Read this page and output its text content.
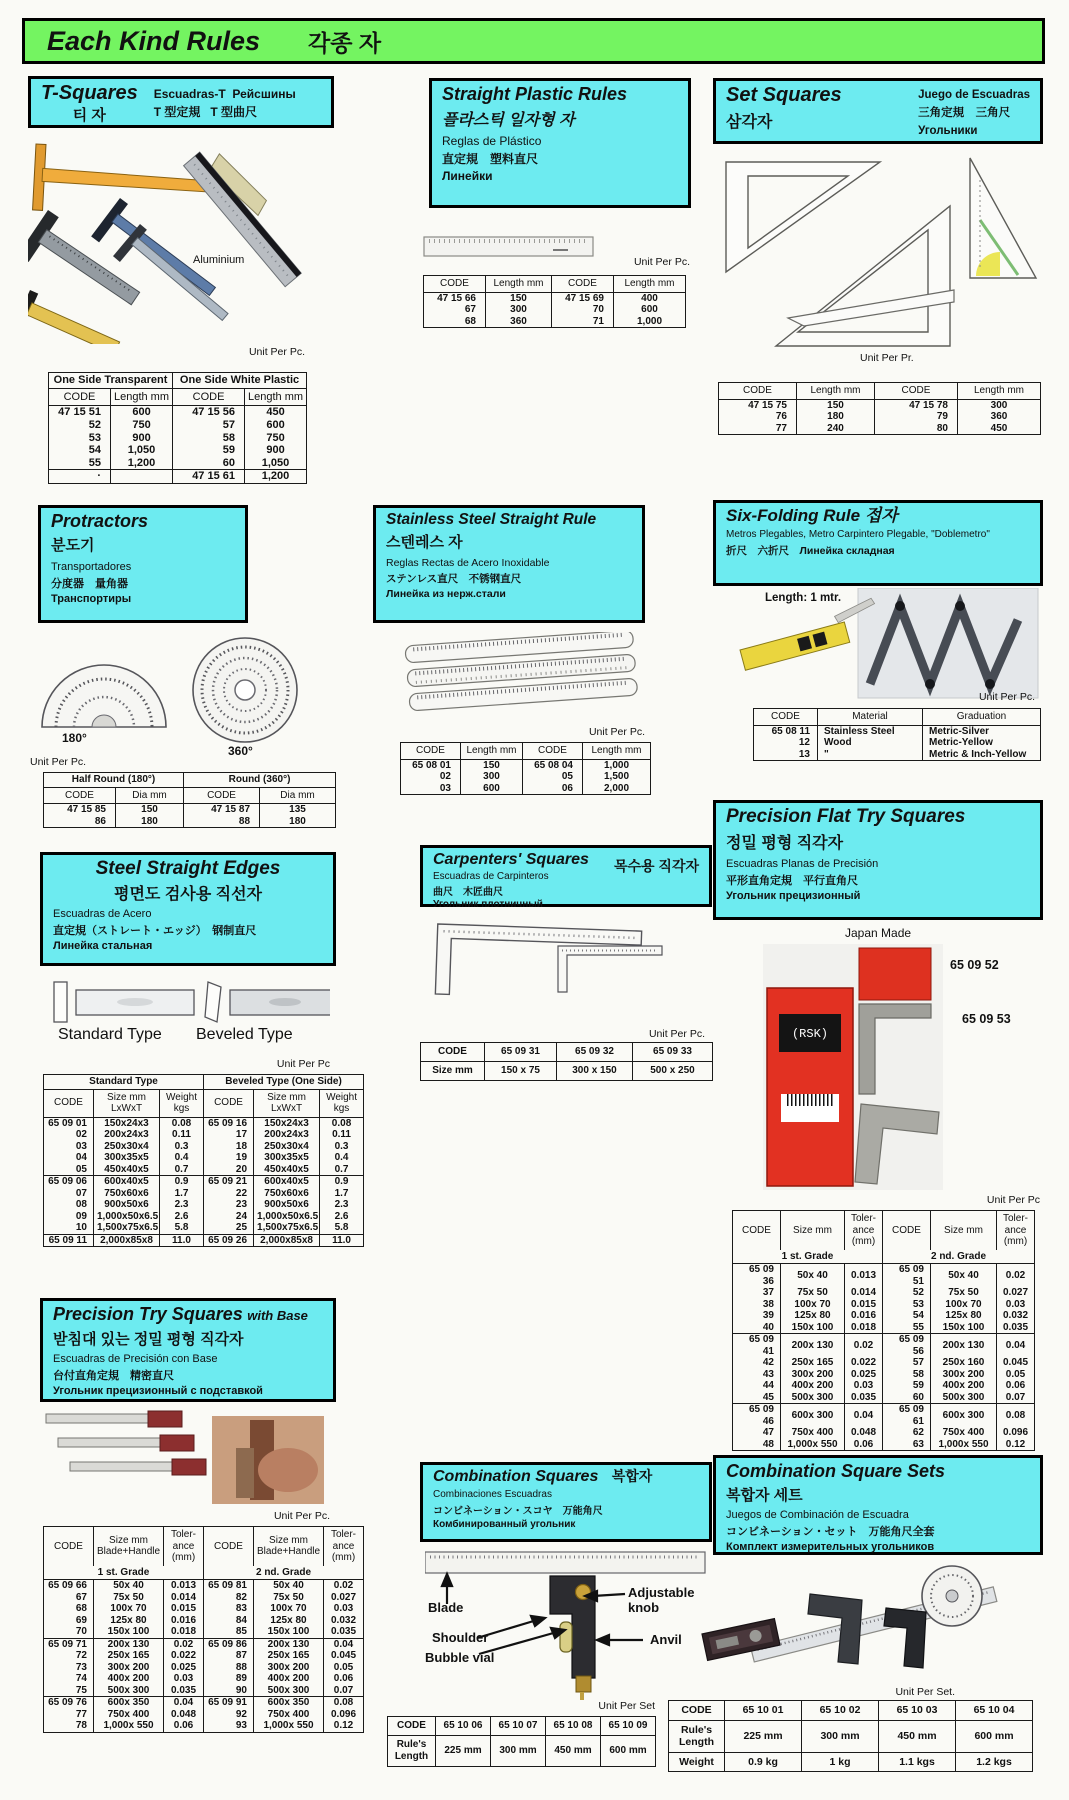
Each Kind Rules 각종 자
T-Squares
티 자
Escuadras-T Рейсшины
T 型定規 T 型曲尺
Aluminium
Unit Per Pc.
One Side Transparent		One Side White Plastic	
CODE	Length mm	CODE	Length mm
47 15 51	600	47 15 56	450
52	750	57	600
53	900	58	750
54	1,050	59	900
55	1,200	60	1,050
·		47 15 61	1,200
Straight Plastic Rules
플라스틱 일자형 자
Reglas de Plástico
直定規　塑料直尺
Линейки
Unit Per Pc.
CODE	Length mm	CODE	Length mm
47 15 66	150	47 15 69	400
67	300	70	600
68	360	71	1,000
Set Squares
삼각자
Juego de Escuadras
三角定規　三角尺
Угольники
Unit Per Pr.
CODE	Length mm	CODE	Length mm
47 15 75	150	47 15 78	300
76	180	79	360
77	240	80	450
Protractors
분도기
Transportadores
分度器　量角器
Транспортиры
180°
360°
Unit Per Pc.
Half Round (180°)		Round (360°)	
CODE	Dia mm	CODE	Dia mm
47 15 85	150	47 15 87	135
86	180	88	180
Stainless Steel Straight Rule
스텐레스 자
Reglas Rectas de Acero Inoxidable
ステンレス直尺　不锈钢直尺
Линейка из нерж.стали
Unit Per Pc.
CODE	Length mm	CODE	Length mm
65 08 01	150	65 08 04	1,000
02	300	05	1,500
03	600	06	2,000
Six-Folding Rule 접자
Metros Plegables, Metro Carpintero Plegable, "Doblemetro"
折尺　六折尺　Линейка складная
Length: 1 mtr.
Unit Per Pc.
CODE	Material	Graduation
65 08 11	Stainless Steel	Metric-Silver
12	Wood	Metric-Yellow
13	"	Metric & Inch-Yellow
Steel Straight Edges
평면도 검사용 직선자
Escuadras de Acero
直定規（ストレート・エッジ）　钢制直尺
Линейка стальная
Standard Type Beveled Type
Unit Per Pc
Standard Type			Beveled Type (One Side)		
CODE	Size mm LxWxT	Weight kgs	CODE	Size mm LxWxT	Weight kgs
65 09 01	150x24x3	0.08	65 09 16	150x24x3	0.08
02	200x24x3	0.11	17	200x24x3	0.11
03	250x30x4	0.3	18	250x30x4	0.3
04	300x35x5	0.4	19	300x35x5	0.4
05	450x40x5	0.7	20	450x40x5	0.7
65 09 06	600x40x5	0.9	65 09 21	600x40x5	0.9
07	750x60x6	1.7	22	750x60x6	1.7
08	900x50x6	2.3	23	900x50x6	2.3
09	1,000x50x6.5	2.6	24	1,000x50x6.5	2.6
10	1,500x75x6.5	5.8	25	1,500x75x6.5	5.8
65 09 11	2,000x85x8	11.0	65 09 26	2,000x85x8	11.0
Precision Flat Try Squares
정밀 평형 직각자
Escuadras Planas de Precisión
平形直角定規　平行直角尺
Угольник прецизионный
Japan Made
(RSK)
65 09 52
65 09 53
Unit Per Pc
CODE	Size mm	Toler- ance (mm)	CODE	Size mm	Toler- ance (mm)
1 st. Grade			2 nd. Grade		
65 09 36	50x 40	0.013	65 09 51	50x 40	0.02
37	75x 50	0.014	52	75x 50	0.027
38	100x 70	0.015	53	100x 70	0.03
39	125x 80	0.016	54	125x 80	0.032
40	150x 100	0.018	55	150x 100	0.035
65 09 41	200x 130	0.02	65 09 56	200x 130	0.04
42	250x 165	0.022	57	250x 160	0.045
43	300x 200	0.025	58	300x 200	0.05
44	400x 200	0.03	59	400x 200	0.06
45	500x 300	0.035	60	500x 300	0.07
65 09 46	600x 300	0.04	65 09 61	600x 300	0.08
47	750x 400	0.048	62	750x 400	0.096
48	1,000x 550	0.06	63	1,000x 550	0.12
Carpenters' Squares
Escuadras de Carpinteros
曲尺　木匠曲尺
Угольник плотничный
목수용 직각자
Unit Per Pc.
CODE	65 09 31	65 09 32	65 09 33
Size mm	150 x 75	300 x 150	500 x 250
Precision Try Squares with Base
받침대 있는 정밀 평형 직각자
Escuadras de Precisión con Base
台付直角定規　精密直尺
Угольник прецизионный с подставкой
Unit Per Pc.
CODE	Size mm Blade+Handle	Toler- ance (mm)	CODE	Size mm Blade+Handle	Toler- ance (mm)
1 st. Grade			2 nd. Grade		
65 09 66	50x 40	0.013	65 09 81	50x 40	0.02
67	75x 50	0.014	82	75x 50	0.027
68	100x 70	0.015	83	100x 70	0.03
69	125x 80	0.016	84	125x 80	0.032
70	150x 100	0.018	85	150x 100	0.035
65 09 71	200x 130	0.02	65 09 86	200x 130	0.04
72	250x 165	0.022	87	250x 165	0.045
73	300x 200	0.025	88	300x 200	0.05
74	400x 200	0.03	89	400x 200	0.06
75	500x 300	0.035	90	500x 300	0.07
65 09 76	600x 350	0.04	65 09 91	600x 350	0.08
77	750x 400	0.048	92	750x 400	0.096
78	1,000x 550	0.06	93	1,000x 550	0.12
Combination Squares 복합자
Combinaciones Escuadras
コンビネーション・スコヤ　万能角尺
Комбинированный угольник
Blade
Shoulder
Bubble vial
Adjustable knob
Anvil
Unit Per Set
CODE	65 10 06	65 10 07	65 10 08	65 10 09
Rule's Length	225 mm	300 mm	450 mm	600 mm
Combination Square Sets
복합자 세트
Juegos de Combinación de Escuadra
コンビネーション・セット　万能角尺全套
Комплект измерительных угольников
Unit Per Set.
CODE	65 10 01	65 10 02	65 10 03	65 10 04
Rule's Length	225 mm	300 mm	450 mm	600 mm
Weight	0.9 kg	1 kg	1.1 kgs	1.2 kgs
